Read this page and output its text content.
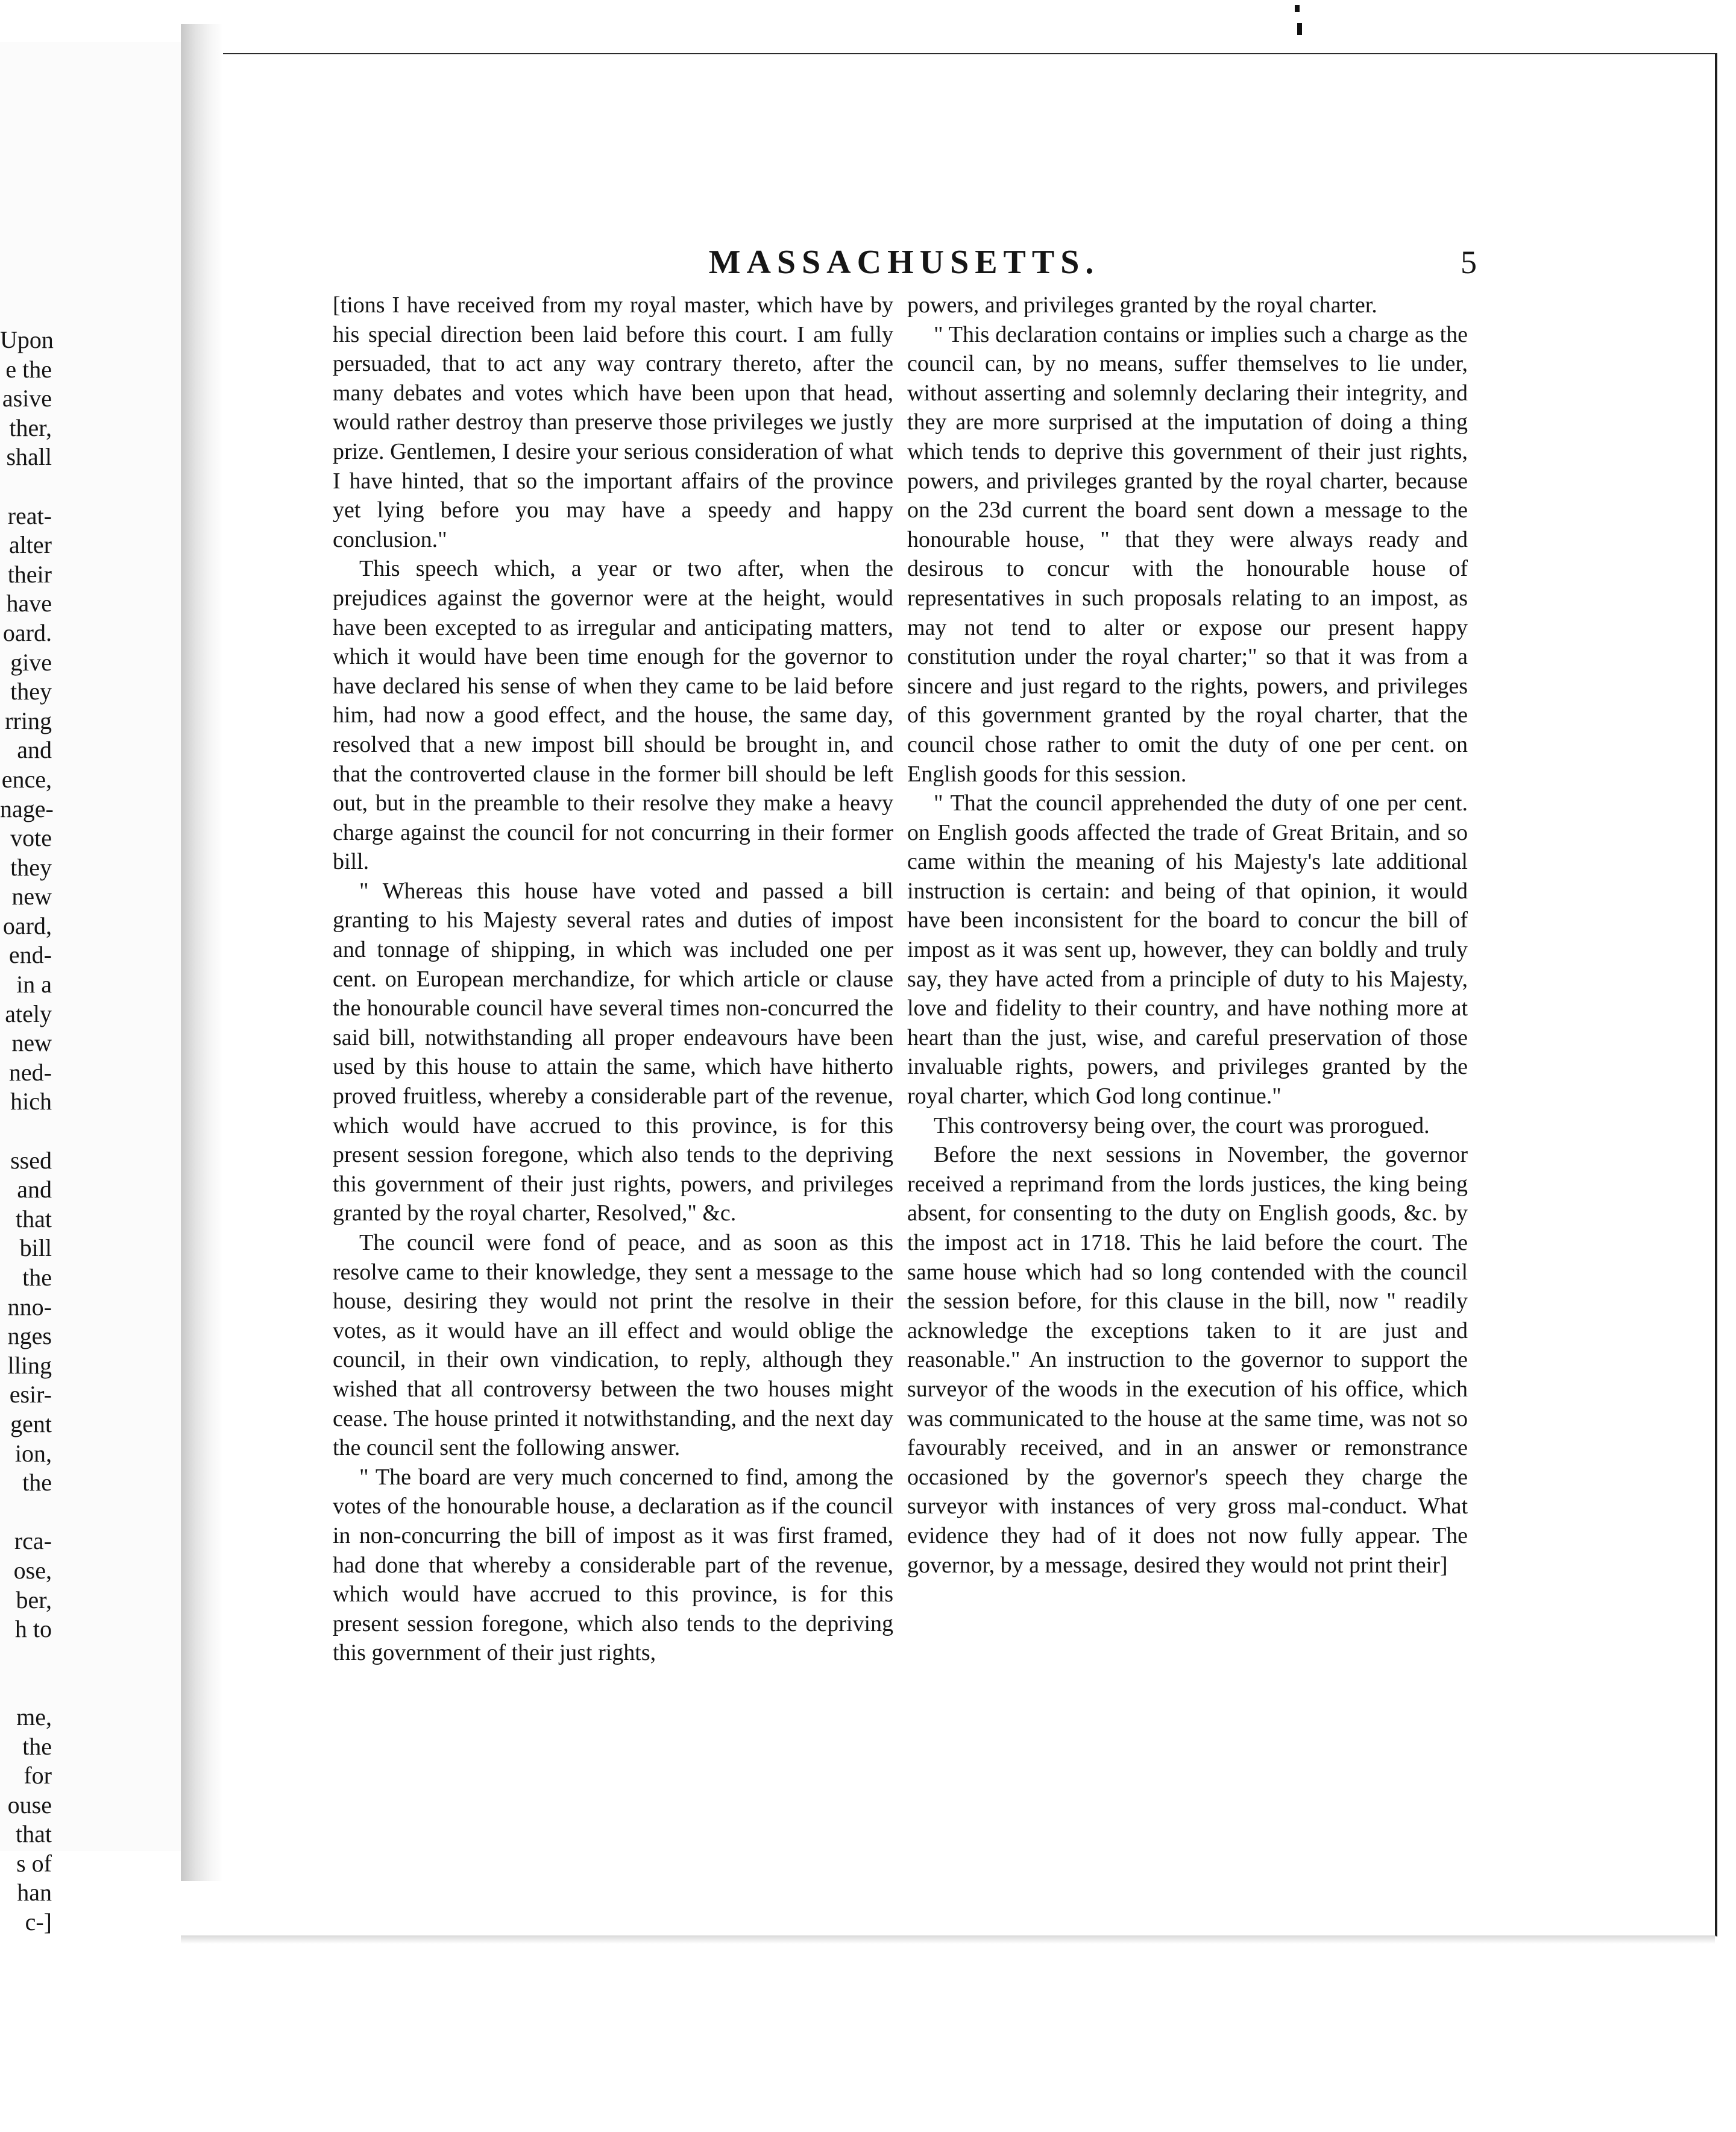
Upon
e the
asive
ther,
shall
reat-
alter
their
have
oard.
give
they
rring
and
ence,
nage-
vote
they
new
oard,
end-
in a
ately
new
ned-
hich
ssed
and
that
bill
the
nno-
nges
lling
esir-
gent
ion,
the
rca-
ose,
ber,
h to
me,
the
for
ouse
that
s of
han
c-]
MASSACHUSETTS.	5

[tions I have received from my royal master, which have by his special direction been laid before this court. I am fully persuaded, that to act any way contrary thereto, after the many debates and votes which have been upon that head, would rather destroy than preserve those privileges we justly prize. Gentlemen, I desire your serious consideration of what I have hinted, that so the important affairs of the province yet lying before you may have a speedy and happy conclusion."

This speech which, a year or two after, when the prejudices against the governor were at the height, would have been excepted to as irregular and anticipating matters, which it would have been time enough for the governor to have declared his sense of when they came to be laid before him, had now a good effect, and the house, the same day, resolved that a new impost bill should be brought in, and that the controverted clause in the former bill should be left out, but in the preamble to their resolve they make a heavy charge against the council for not concurring in their former bill.

" Whereas this house have voted and passed a bill granting to his Majesty several rates and duties of impost and tonnage of shipping, in which was included one per cent. on European merchandize, for which article or clause the honourable council have several times non-concurred the said bill, notwithstanding all proper endeavours have been used by this house to attain the same, which have hitherto proved fruitless, whereby a considerable part of the revenue, which would have accrued to this province, is for this present session foregone, which also tends to the depriving this government of their just rights, powers, and privileges granted by the royal charter, Resolved," &c.

The council were fond of peace, and as soon as this resolve came to their knowledge, they sent a message to the house, desiring they would not print the resolve in their votes, as it would have an ill effect and would oblige the council, in their own vindication, to reply, although they wished that all controversy between the two houses might cease. The house printed it notwithstanding, and the next day the council sent the following answer.

" The board are very much concerned to find, among the votes of the honourable house, a declaration as if the council in non-concurring the bill of impost as it was first framed, had done that whereby a considerable part of the revenue, which would have accrued to this province, is for this present session foregone, which also tends to the depriving this government of their just rights,

powers, and privileges granted by the royal charter.

" This declaration contains or implies such a charge as the council can, by no means, suffer themselves to lie under, without asserting and solemnly declaring their integrity, and they are more surprised at the imputation of doing a thing which tends to deprive this government of their just rights, powers, and privileges granted by the royal charter, because on the 23d current the board sent down a message to the honourable house, " that they were always ready and desirous to concur with the honourable house of representatives in such proposals relating to an impost, as may not tend to alter or expose our present happy constitution under the royal charter;" so that it was from a sincere and just regard to the rights, powers, and privileges of this government granted by the royal charter, that the council chose rather to omit the duty of one per cent. on English goods for this session.

" That the council apprehended the duty of one per cent. on English goods affected the trade of Great Britain, and so came within the meaning of his Majesty's late additional instruction is certain: and being of that opinion, it would have been inconsistent for the board to concur the bill of impost as it was sent up, however, they can boldly and truly say, they have acted from a principle of duty to his Majesty, love and fidelity to their country, and have nothing more at heart than the just, wise, and careful preservation of those invaluable rights, powers, and privileges granted by the royal charter, which God long continue."

This controversy being over, the court was prorogued.

Before the next sessions in November, the governor received a reprimand from the lords justices, the king being absent, for consenting to the duty on English goods, &c. by the impost act in 1718. This he laid before the court. The same house which had so long contended with the council the session before, for this clause in the bill, now " readily acknowledge the exceptions taken to it are just and reasonable." An instruction to the governor to support the surveyor of the woods in the execution of his office, which was communicated to the house at the same time, was not so favourably received, and in an answer or remonstrance occasioned by the governor's speech they charge the surveyor with instances of very gross mal-conduct. What evidence they had of it does not now fully appear. The governor, by a message, desired they would not print their]
